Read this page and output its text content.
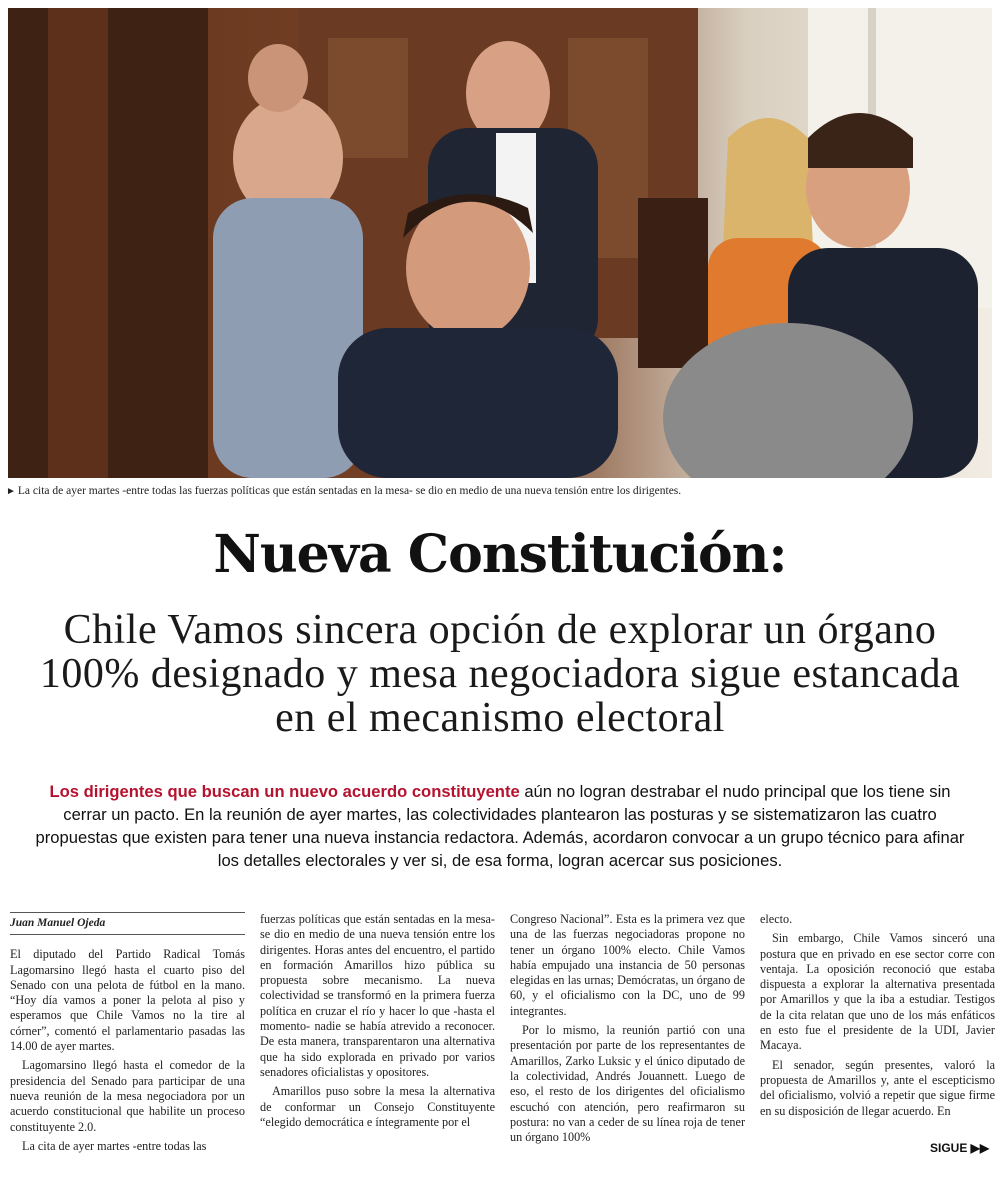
► La cita de ayer martes -entre todas las fuerzas políticas que están sentadas en la mesa- se dio en medio de una nueva tensión entre los dirigentes.
Nueva Constitución:
Chile Vamos sincera opción de explorar un órgano 100% designado y mesa negociadora sigue estancada en el mecanismo electoral
Los dirigentes que buscan un nuevo acuerdo constituyente aún no logran destrabar el nudo principal que los tiene sin cerrar un pacto. En la reunión de ayer martes, las colectividades plantearon las posturas y se sistematizaron las cuatro propuestas que existen para tener una nueva instancia redactora. Además, acordaron convocar a un grupo técnico para afinar los detalles electorales y ver si, de esa forma, logran acercar sus posiciones.
Juan Manuel Ojeda

El diputado del Partido Radical Tomás Lagomarsino llegó hasta el cuarto piso del Senado con una pelota de fútbol en la mano. “Hoy día vamos a poner la pelota al piso y esperamos que Chile Vamos no la tire al córner”, comentó el parlamentario pasadas las 14.00 de ayer martes.

Lagomarsino llegó hasta el comedor de la presidencia del Senado para participar de una nueva reunión de la mesa negociadora por un acuerdo constitucional que habilite un proceso constituyente 2.0.

La cita de ayer martes -entre todas las

fuerzas políticas que están sentadas en la mesa- se dio en medio de una nueva tensión entre los dirigentes. Horas antes del encuentro, el partido en formación Amarillos hizo pública su propuesta sobre mecanismo. La nueva colectividad se transformó en la primera fuerza política en cruzar el río y hacer lo que -hasta el momento- nadie se había atrevido a reconocer. De esta manera, transparentaron una alternativa que ha sido explorada en privado por varios senadores oficialistas y opositores.

Amarillos puso sobre la mesa la alternativa de conformar un Consejo Constituyente “elegido democrática e íntegramente por el

Congreso Nacional”. Esta es la primera vez que una de las fuerzas negociadoras propone no tener un órgano 100% electo. Chile Vamos había empujado una instancia de 50 personas elegidas en las urnas; Demócratas, un órgano de 60, y el oficialismo con la DC, uno de 99 integrantes.

Por lo mismo, la reunión partió con una presentación por parte de los representantes de Amarillos, Zarko Luksic y el único diputado de la colectividad, Andrés Jouannett. Luego de eso, el resto de los dirigentes del oficialismo escuchó con atención, pero reafirmaron su postura: no van a ceder de su línea roja de tener un órgano 100%

electo.

Sin embargo, Chile Vamos sinceró una postura que en privado en ese sector corre con ventaja. La oposición reconoció que estaba dispuesta a explorar la alternativa presentada por Amarillos y que la iba a estudiar. Testigos de la cita relatan que uno de los más enfáticos en esto fue el presidente de la UDI, Javier Macaya.

El senador, según presentes, valoró la propuesta de Amarillos y, ante el escepticismo del oficialismo, volvió a repetir que sigue firme en su disposición de llegar acuerdo. En

SIGUE ▶▶
